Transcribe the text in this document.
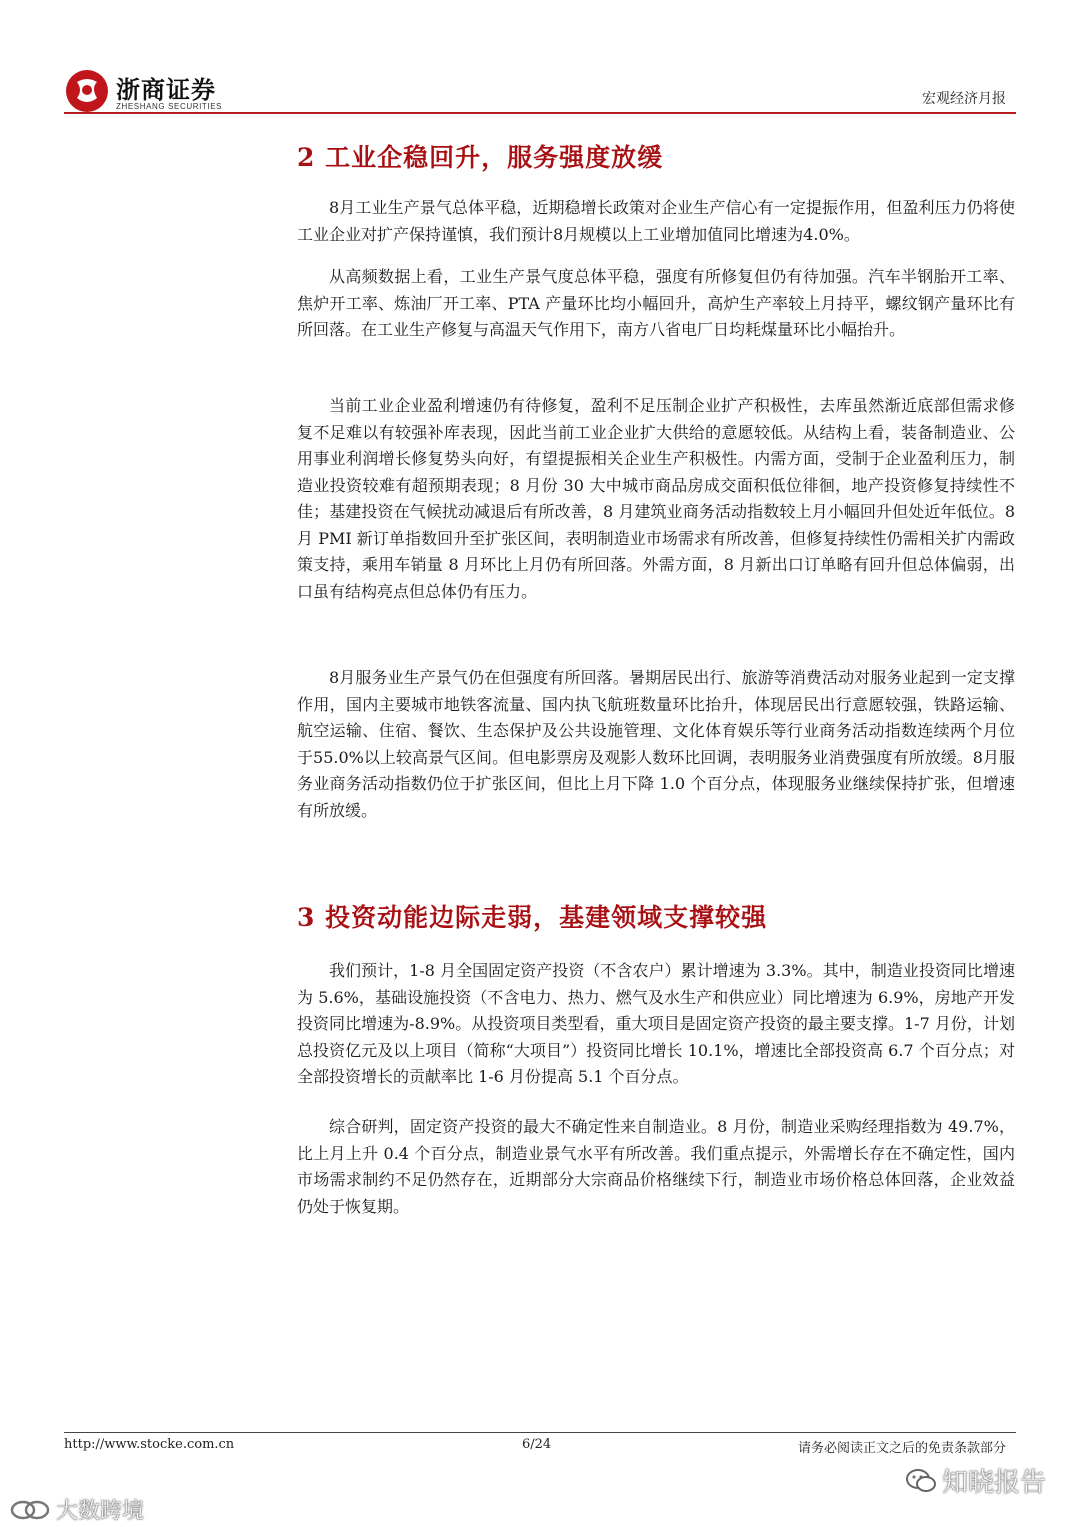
浙商证券
ZHESHANG SECURITIES	宏观经济月报
2 工业企稳回升，服务强度放缓

8月工业生产景气总体平稳，近期稳增长政策对企业生产信心有一定提振作用，但盈利压力仍将使工业企业对扩产保持谨慎，我们预计8月规模以上工业增加值同比增速为4.0%。

从高频数据上看，工业生产景气度总体平稳，强度有所修复但仍有待加强。汽车半钢胎开工率、焦炉开工率、炼油厂开工率、PTA 产量环比均小幅回升，高炉生产率较上月持平，螺纹钢产量环比有所回落。在工业生产修复与高温天气作用下，南方八省电厂日均耗煤量环比小幅抬升。

当前工业企业盈利增速仍有待修复，盈利不足压制企业扩产积极性，去库虽然渐近底部但需求修复不足难以有较强补库表现，因此当前工业企业扩大供给的意愿较低。从结构上看，装备制造业、公用事业利润增长修复势头向好，有望提振相关企业生产积极性。内需方面，受制于企业盈利压力，制造业投资较难有超预期表现；8 月份 30 大中城市商品房成交面积低位徘徊，地产投资修复持续性不佳；基建投资在气候扰动减退后有所改善，8 月建筑业商务活动指数较上月小幅回升但处近年低位。8 月 PMI 新订单指数回升至扩张区间，表明制造业市场需求有所改善，但修复持续性仍需相关扩内需政策支持，乘用车销量 8 月环比上月仍有所回落。外需方面，8 月新出口订单略有回升但总体偏弱，出口虽有结构亮点但总体仍有压力。

8月服务业生产景气仍在但强度有所回落。暑期居民出行、旅游等消费活动对服务业起到一定支撑作用，国内主要城市地铁客流量、国内执飞航班数量环比抬升，体现居民出行意愿较强，铁路运输、航空运输、住宿、餐饮、生态保护及公共设施管理、文化体育娱乐等行业商务活动指数连续两个月位于55.0%以上较高景气区间。但电影票房及观影人数环比回调，表明服务业消费强度有所放缓。8月服务业商务活动指数仍位于扩张区间，但比上月下降 1.0 个百分点，体现服务业继续保持扩张，但增速有所放缓。

3 投资动能边际走弱，基建领域支撑较强

我们预计，1-8 月全国固定资产投资（不含农户）累计增速为 3.3%。其中，制造业投资同比增速为 5.6%，基础设施投资（不含电力、热力、燃气及水生产和供应业）同比增速为 6.9%，房地产开发投资同比增速为-8.9%。从投资项目类型看，重大项目是固定资产投资的最主要支撑。1-7 月份，计划总投资亿元及以上项目（简称“大项目”）投资同比增长 10.1%，增速比全部投资高 6.7 个百分点；对全部投资增长的贡献率比 1-6 月份提高 5.1 个百分点。

综合研判，固定资产投资的最大不确定性来自制造业。8 月份，制造业采购经理指数为 49.7%，比上月上升 0.4 个百分点，制造业景气水平有所改善。我们重点提示，外需增长存在不确定性，国内市场需求制约不足仍然存在，近期部分大宗商品价格继续下行，制造业市场价格总体回落，企业效益仍处于恢复期。

http://www.stocke.com.cn	6/24	请务必阅读正文之后的免责条款部分
知晓报告
大数跨境
